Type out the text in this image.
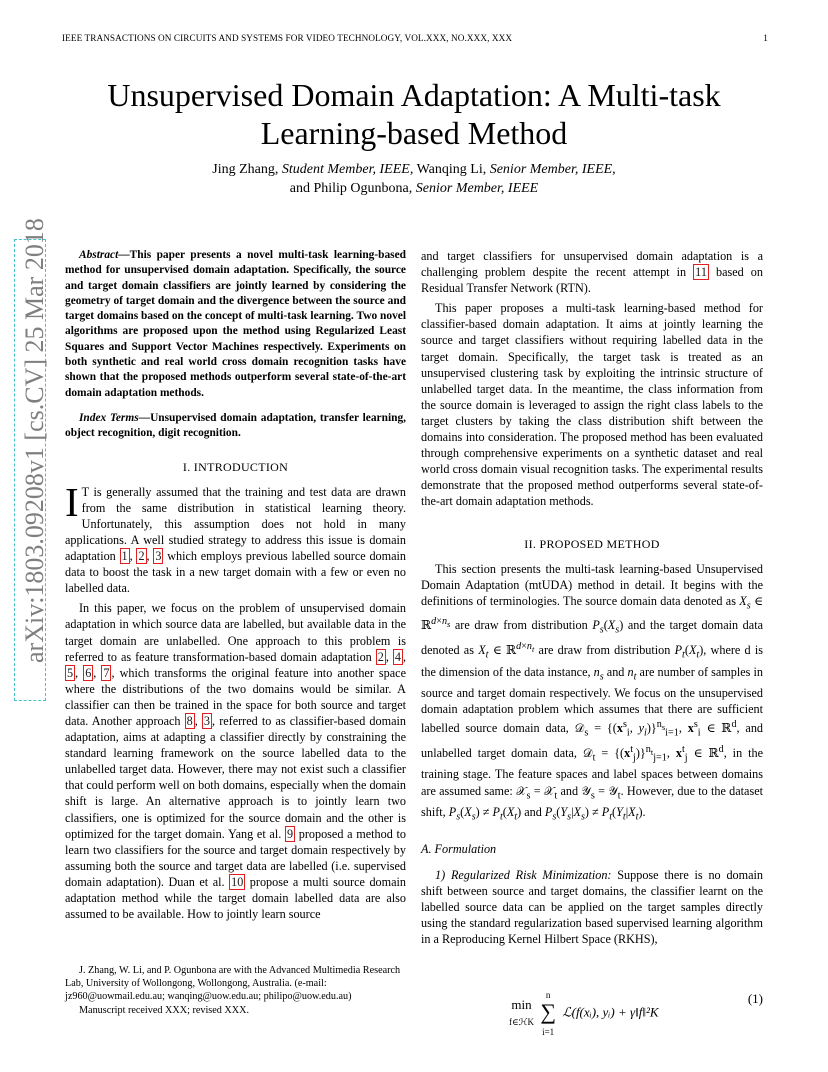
IEEE TRANSACTIONS ON CIRCUITS AND SYSTEMS FOR VIDEO TECHNOLOGY, VOL.XXX, NO.XXX, XXX	1
Unsupervised Domain Adaptation: A Multi-task
Learning-based Method
Jing Zhang, Student Member, IEEE, Wanqing Li, Senior Member, IEEE,
and Philip Ogunbona, Senior Member, IEEE
arXiv:1803.09208v1 [cs.CV] 25 Mar 2018	Abstract—This paper presents a novel multi-task learning-based method for unsupervised domain adaptation. Specifically, the source and target domain classifiers are jointly learned by considering the geometry of target domain and the divergence between the source and target domains based on the concept of multi-task learning. Two novel algorithms are proposed upon the method using Regularized Least Squares and Support Vector Machines respectively. Experiments on both synthetic and real world cross domain recognition tasks have shown that the proposed methods outperform several state-of-the-art domain adaptation methods.

Index Terms—Unsupervised domain adaptation, transfer learning, object recognition, digit recognition.

I. INTRODUCTION

I T is generally assumed that the training and test data are drawn from the same distribution in statistical learning theory. Unfortunately, this assumption does not hold in many applications. A well studied strategy to address this issue is domain adaptation 1 , 2 , 3 which employs previous labelled source domain data to boost the task in a new target domain with a few or even no labelled data.

In this paper, we focus on the problem of unsupervised domain adaptation in which source data are labelled, but available data in the target domain are unlabelled. One approach to this problem is referred to as feature transformation-based domain adaptation 2 , 4 , 5 , 6 , 7 , which transforms the original feature into another space where the distributions of the two domains would be similar. A classifier can then be trained in the space for both source and target data. Another approach 8 , 3 , referred to as classifier-based domain adaptation, aims at adapting a classifier directly by constraining the standard learning framework on the source labelled data to the unlabelled target data. However, there may not exist such a classifier that could perform well on both domains, especially when the domain shift is large. An alternative approach is to jointly learn two classifiers, one is optimized for the source domain and the other is optimized for the target domain. Yang et al. 9 proposed a method to learn two classifiers for the source and target domain respectively by assuming both the source and target data are labelled (i.e. supervised domain adaptation). Duan et al. 10 propose a multi source domain adaptation method while the target domain labelled data are also assumed to be available. How to jointly learn source

J. Zhang, W. Li, and P. Ogunbona are with the Advanced Multimedia Research Lab, University of Wollongong, Wollongong, Australia. (e-mail: jz960@uowmail.edu.au; wanqing@uow.edu.au; philipo@uow.edu.au)

Manuscript received XXX; revised XXX.

and target classifiers for unsupervised domain adaptation is a challenging problem despite the recent attempt in 11 based on Residual Transfer Network (RTN).

This paper proposes a multi-task learning-based method for classifier-based domain adaptation. It aims at jointly learning the source and target classifiers without requiring labelled data in the target domain. Specifically, the target task is treated as an unsupervised clustering task by exploiting the intrinsic structure of unlabelled target data. In the meantime, the class information from the source domain is leveraged to assign the right class labels to the target clusters by taking the class distribution shift between the domains into consideration. The proposed method has been evaluated through comprehensive experiments on a synthetic dataset and real world cross domain visual recognition tasks. The experimental results demonstrate that the proposed method outperforms several state-of-the-art domain adaptation methods.

II. PROPOSED METHOD

This section presents the multi-task learning-based Unsupervised Domain Adaptation (mtUDA) method in detail. It begins with the definitions of terminologies. The source domain data denoted as $X_s$ ∈ ℝ$^{d\times n_s}$ are draw from distribution $P_s(X_s)$ and the target domain data denoted as $X_t$ ∈ ℝ$^{d\times n_t}$ are draw from distribution $P_t(X_t)$, where d is the dimension of the data instance, $n_s$ and $n_t$ are number of samples in source and target domain respectively. We focus on the unsupervised domain adaptation problem which assumes that there are sufficient labelled source domain data, 𝒟$_s$ = {($x^s_i$, $y_i)\}^{n_s}_{i=1}$, $x^s_i$ ∈ ℝ$^d$, and unlabelled target domain data, 𝒟$_t$ = $\{(x^t_j)\}^{n_t}_{j=1}$, $x^t_j$ ∈ ℝ$^d$, in the training stage. The feature spaces and label spaces between domains are assumed same: 𝒳$_s$ = 𝒳$_t$ and 𝒴$_s$ = 𝒴$_t$. However, due to the dataset shift, $P_s(X_s) \ne P_t(X_t)$ and $P_s(Y_s|X_s) \ne P_t(Y_t|X_t)$.

A. Formulation

1) Regularized Risk Minimization: Suppose there is no domain shift between source and target domains, the classifier learnt on the labelled source data can be applied on the target samples directly using the standard regularization based supervised learning algorithm in a Reproducing Kernel Hilbert Space (RKHS),

min
f∈ℋK n
∑
i=1 ℒ(f(xᵢ), yᵢ) + γ‖f‖²K
(1)
